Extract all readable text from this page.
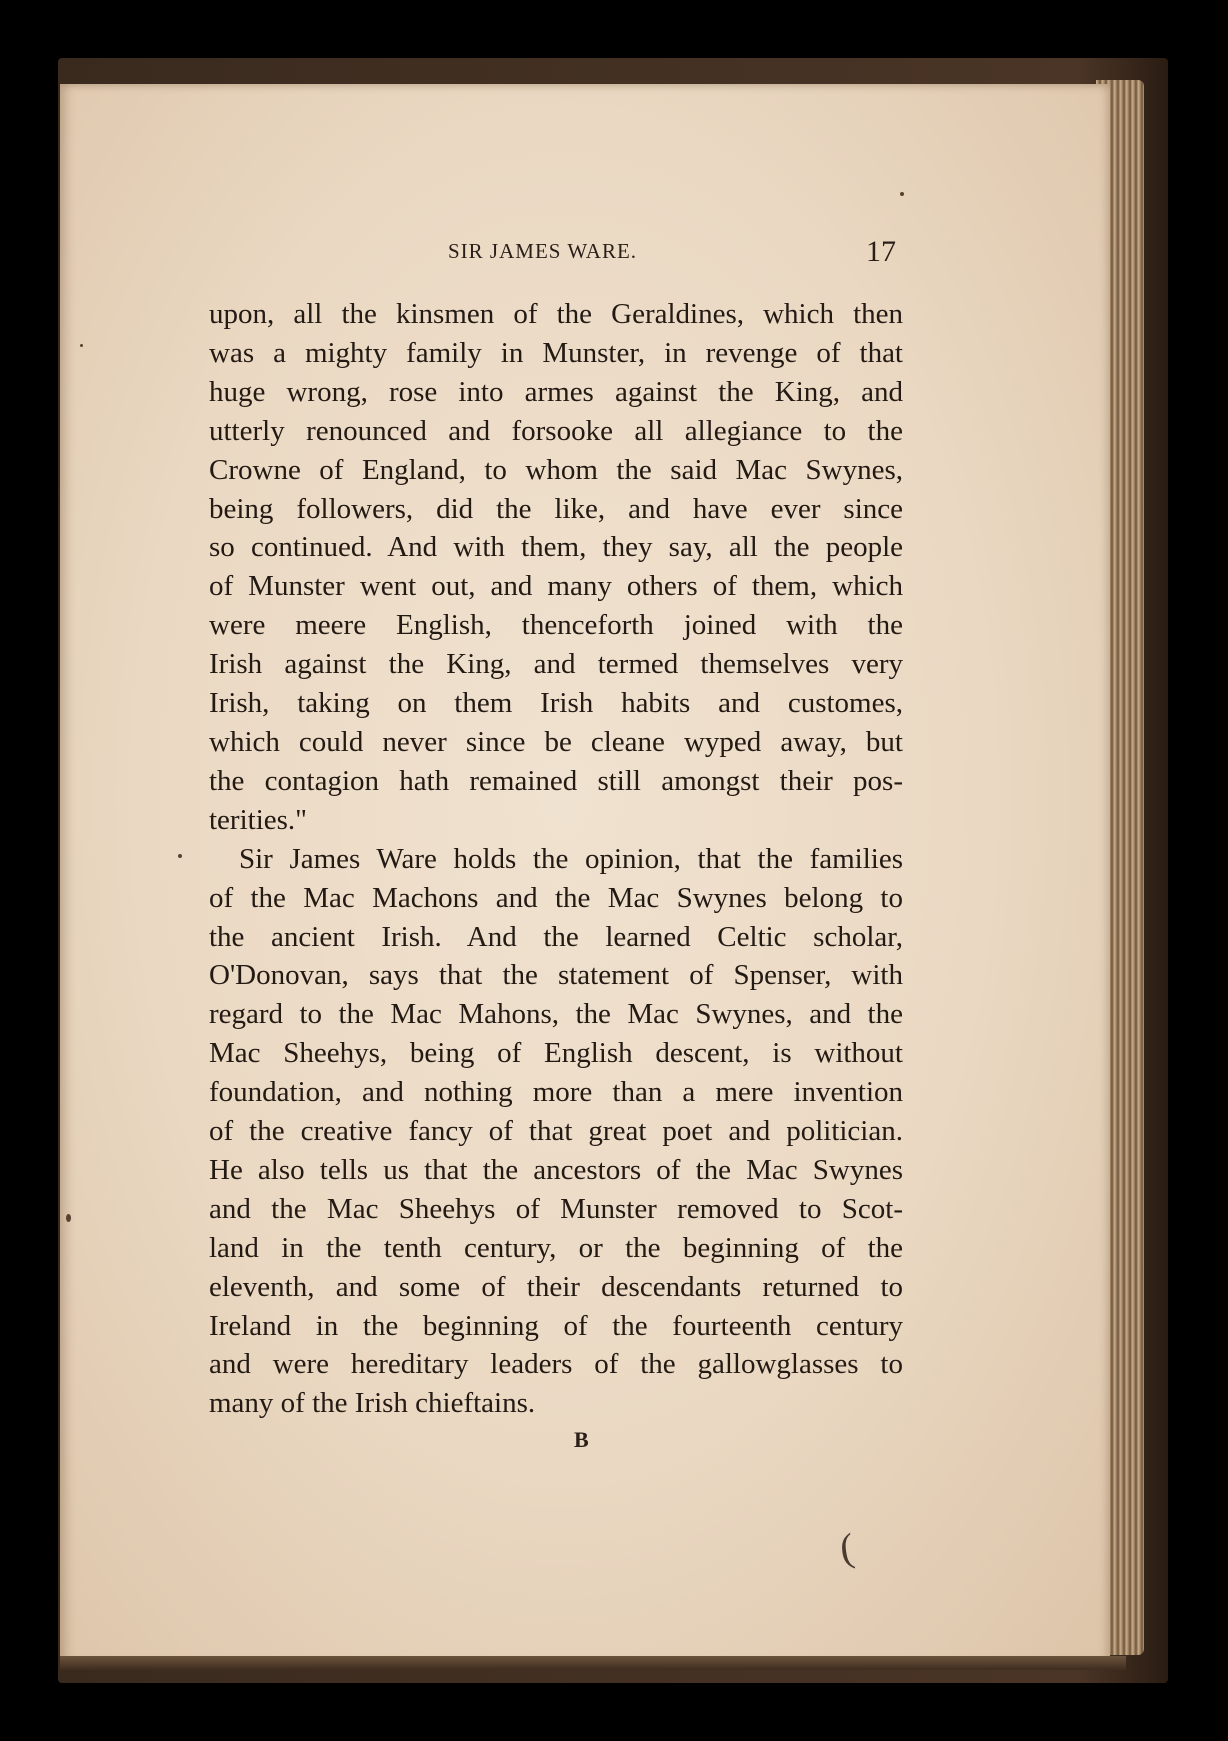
SIR JAMES WARE.	17
upon, all the kinsmen of the Geraldines, which then
was a mighty family in Munster, in revenge of that
huge wrong, rose into armes against the King, and
utterly renounced and forsooke all allegiance to the
Crowne of England, to whom the said Mac Swynes,
being followers, did the like, and have ever since
so continued. And with them, they say, all the people
of Munster went out, and many others of them, which
were meere English, thenceforth joined with the
Irish against the King, and termed themselves very
Irish, taking on them Irish habits and customes,
which could never since be cleane wyped away, but
the contagion hath remained still amongst their pos-
terities."
Sir James Ware holds the opinion, that the families
of the Mac Machons and the Mac Swynes belong to
the ancient Irish. And the learned Celtic scholar,
O'Donovan, says that the statement of Spenser, with
regard to the Mac Mahons, the Mac Swynes, and the
Mac Sheehys, being of English descent, is without
foundation, and nothing more than a mere invention
of the creative fancy of that great poet and politician.
He also tells us that the ancestors of the Mac Swynes
and the Mac Sheehys of Munster removed to Scot-
land in the tenth century, or the beginning of the
eleventh, and some of their descendants returned to
Ireland in the beginning of the fourteenth century
and were hereditary leaders of the gallowglasses to
many of the Irish chieftains.
B
(
